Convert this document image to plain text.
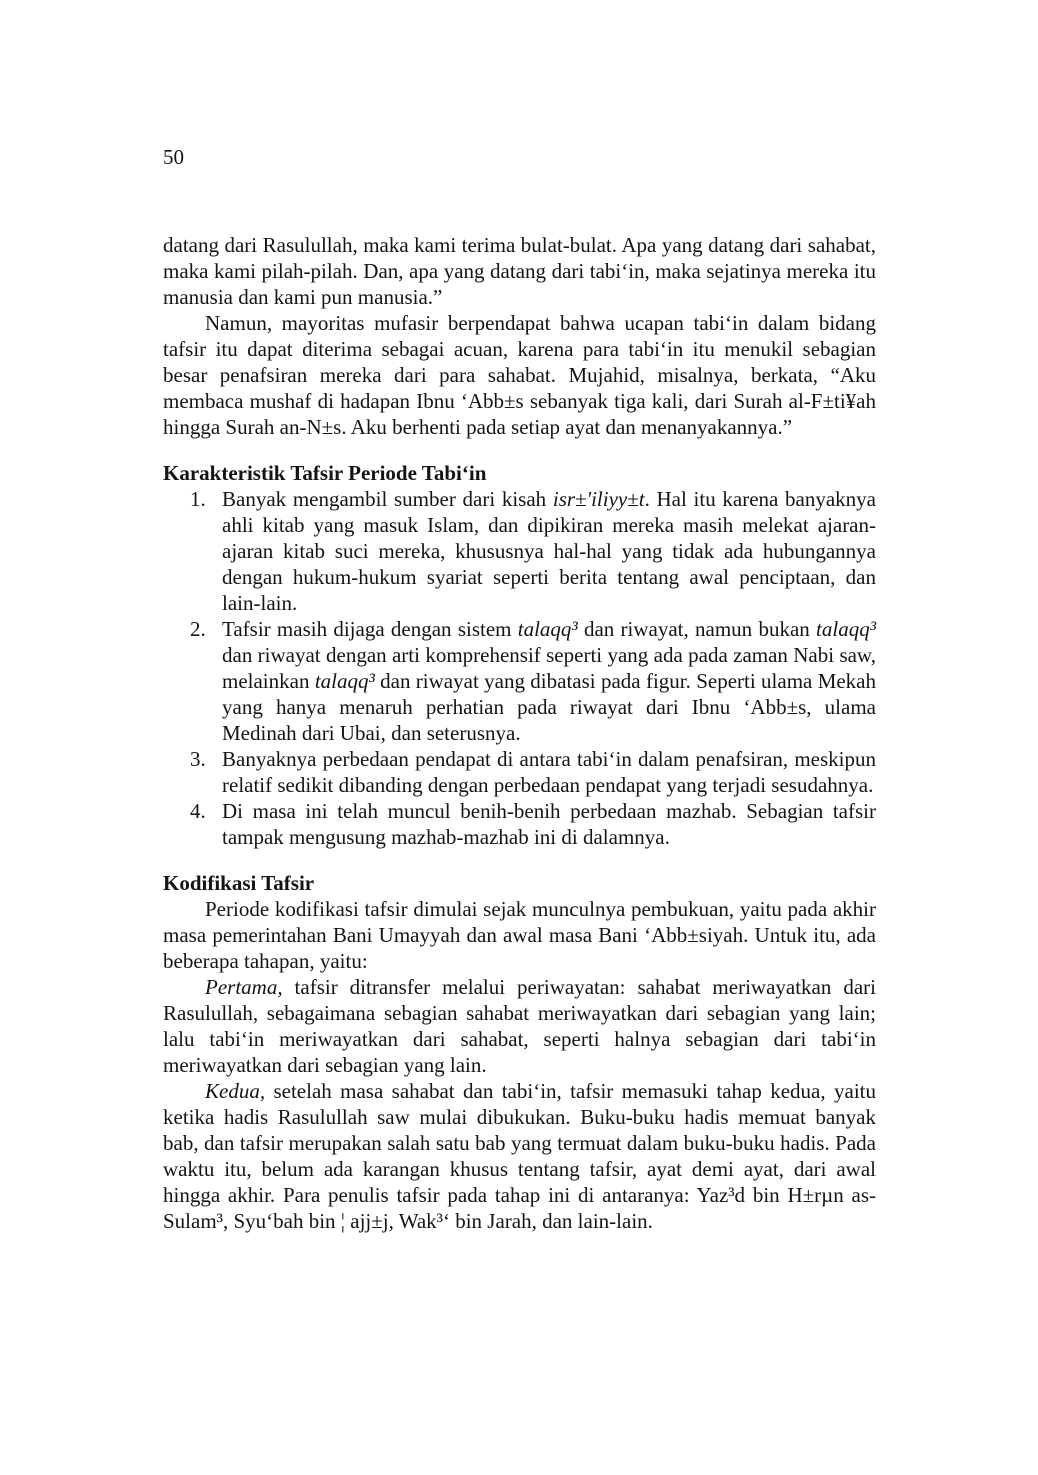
50

datang dari Rasulullah, maka kami terima bulat-bulat. Apa yang datang dari sahabat, maka kami pilah-pilah. Dan, apa yang datang dari tabi‘in, maka sejatinya mereka itu manusia dan kami pun manusia.”

Namun, mayoritas mufasir berpendapat bahwa ucapan tabi‘in dalam bidang tafsir itu dapat diterima sebagai acuan, karena para tabi‘in itu menukil sebagian besar penafsiran mereka dari para sahabat. Mujahid, misalnya, berkata, “Aku membaca mushaf di hadapan Ibnu ‘Abb±s sebanyak tiga kali, dari Surah al-F±ti¥ah hingga Surah an-N±s. Aku berhenti pada setiap ayat dan menanyakannya.”

Karakteristik Tafsir Periode Tabi‘in
1. Banyak mengambil sumber dari kisah isr±'iliyy±t. Hal itu karena banyaknya ahli kitab yang masuk Islam, dan dipikiran mereka masih melekat ajaran-ajaran kitab suci mereka, khususnya hal-hal yang tidak ada hubungannya dengan hukum-hukum syariat seperti berita tentang awal penciptaan, dan lain-lain.
2. Tafsir masih dijaga dengan sistem talaqq³ dan riwayat, namun bukan talaqq³ dan riwayat dengan arti komprehensif seperti yang ada pada zaman Nabi saw, melainkan talaqq³ dan riwayat yang dibatasi pada figur. Seperti ulama Mekah yang hanya menaruh perhatian pada riwayat dari Ibnu ‘Abb±s, ulama Medinah dari Ubai, dan seterusnya.
3. Banyaknya perbedaan pendapat di antara tabi‘in dalam penafsiran, meskipun relatif sedikit dibanding dengan perbedaan pendapat yang terjadi sesudahnya.
4. Di masa ini telah muncul benih-benih perbedaan mazhab. Sebagian tafsir tampak mengusung mazhab-mazhab ini di dalamnya.
Kodifikasi Tafsir

Periode kodifikasi tafsir dimulai sejak munculnya pembukuan, yaitu pada akhir masa pemerintahan Bani Umayyah dan awal masa Bani ‘Abb±siyah. Untuk itu, ada beberapa tahapan, yaitu:

Pertama, tafsir ditransfer melalui periwayatan: sahabat meriwayatkan dari Rasulullah, sebagaimana sebagian sahabat meriwayatkan dari sebagian yang lain; lalu tabi‘in meriwayatkan dari sahabat, seperti halnya sebagian dari tabi‘in meriwayatkan dari sebagian yang lain.

Kedua, setelah masa sahabat dan tabi‘in, tafsir memasuki tahap kedua, yaitu ketika hadis Rasulullah saw mulai dibukukan. Buku-buku hadis memuat banyak bab, dan tafsir merupakan salah satu bab yang termuat dalam buku-buku hadis. Pada waktu itu, belum ada karangan khusus tentang tafsir, ayat demi ayat, dari awal hingga akhir. Para penulis tafsir pada tahap ini di antaranya: Yaz³d bin H±rµn as-Sulam³, Syu‘bah bin ¦ ajj±j, Wak³‘ bin Jarah, dan lain-lain.
